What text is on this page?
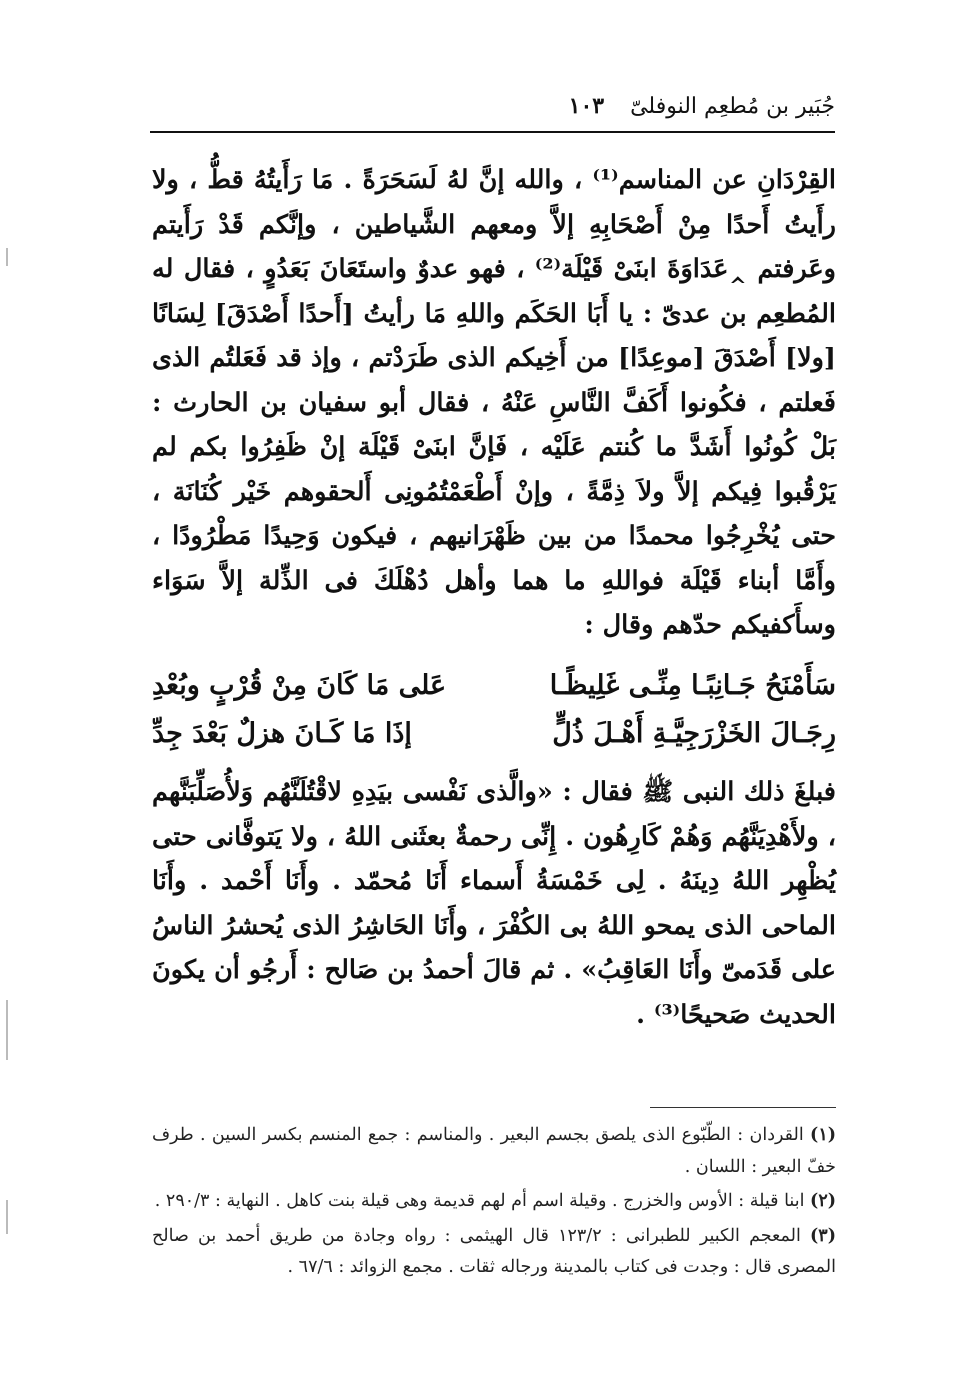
جُبَير بن مُطعِم النوفلىّ
١٠٣

القِرْدَانِ عن المناسم⁽¹⁾ ، والله إنَّ لهُ لَسَحَرَةً . مَا رَأَيتُهُ قطُّ ، ولا رأَيتُ أَحدًا مِنْ أَصْحَابِهِ إلاَّ ومعهم الشَّياطين ، وإنَّكم قَدْ رَأَيتم وعَرفتم ‸عَدَاوَةَ ابنَىْ قَيْلَة⁽²⁾ ، فهو عدوٌ واستَعَانَ بَعَدُوٍ ، فقال له المُطعِم بن عدىّ : يا أَبَا الحَكَم واللهِ مَا رأيتُ [أَحدًا أَصْدَقَ] لِسَانًا [ولا] أَصْدَقَ [موعِدًا] من أَخِيكم الذى طَرَدْتم ، وإذ قد فَعَلتُم الذى فَعلتم ، فكُونوا أَكَفَّ النَّاسِ عَنْهُ ، فقال أبو سفيان بن الحارث : بَلْ كُونُوا أَشَدَّ ما كُنتم عَلَيْه ، فَإنَّ ابنَىْ قَيْلَة إنْ ظَفِرُوا بكم لم يَرْقُبوا فِيكم إلاَّ ولاَ ذِمَّةً ، وإنْ أَطْعَمْتُمُونِى أَلحقوهم خَيْر كُنَانَة ، حتى يُخْرِجُوا محمدًا من بين ظَهْرَانيهم ، فيكون وَحِيدًا مَطْرُودًا ، وأَمَّا أبناء قَيْلَة فواللهِ ما هما وأهل دُهْلَكَ فى الذِّلة إلاَّ سَوَاء وسأَكفيكم حدّهم وقال :

سَأَمْنَحُ جَـانِبًـا مِنِّـى غَلِيظًـا
عَلى مَا كَانَ مِنْ قُرْبٍ وبُعْدِ
رِجَـالَ الخَزْرَجِيَّـةِ أَهْـلَ ذُلٍّ
إذَا مَا كَـانَ هزلٌ بَعْدَ جِدِّ

فبلغَ ذلك النبى ﷺ فقال : «والَّذى نَفْسى بيَدِهِ لاقْتُلَنَّهُم وَلأُصَلِّبَنَّهم ، ولأَهْدِيَنَّهُم وَهُمْ كَارِهُون . إِنِّى رحمةٌ بعثَنى اللهُ ، ولا يَتوفَّانى حتى يُظْهِر اللهُ دِينَهُ . لِى خَمْسَةُ أَسماء أَنَا مُحمّد . وأَنَا أَحْمد . وأَنَا الماحى الذى يمحو اللهُ بى الكُفْرَ ، وأَنَا الحَاشِرُ الذى يُحشرُ الناسُ على قَدَمىّ وأَنَا العَاقِبُ» . ثم قالَ أحمدُ بن صَالح : أَرجُو أن يكونَ الحديث صَحيحًا⁽³⁾ .

(١) القردان : الطّبّوع الذى يلصق بجسم البعير . والمناسم : جمع المنسم بكسر السين . طرف خفّ البعير : اللسان .

(٢) ابنا قيلة : الأوس والخزرج . وقيلة اسم أم لهم قديمة وهى قيلة بنت كاهل . النهاية : ٢٩٠/٣ .

(٣) المعجم الكبير للطبرانى : ١٢٣/٢ قال الهيثمى : رواه وجادة من طريق أحمد بن صالح المصرى قال : وجدت فى كتاب بالمدينة ورجاله ثقات . مجمع الزوائد : ٦٧/٦ .
